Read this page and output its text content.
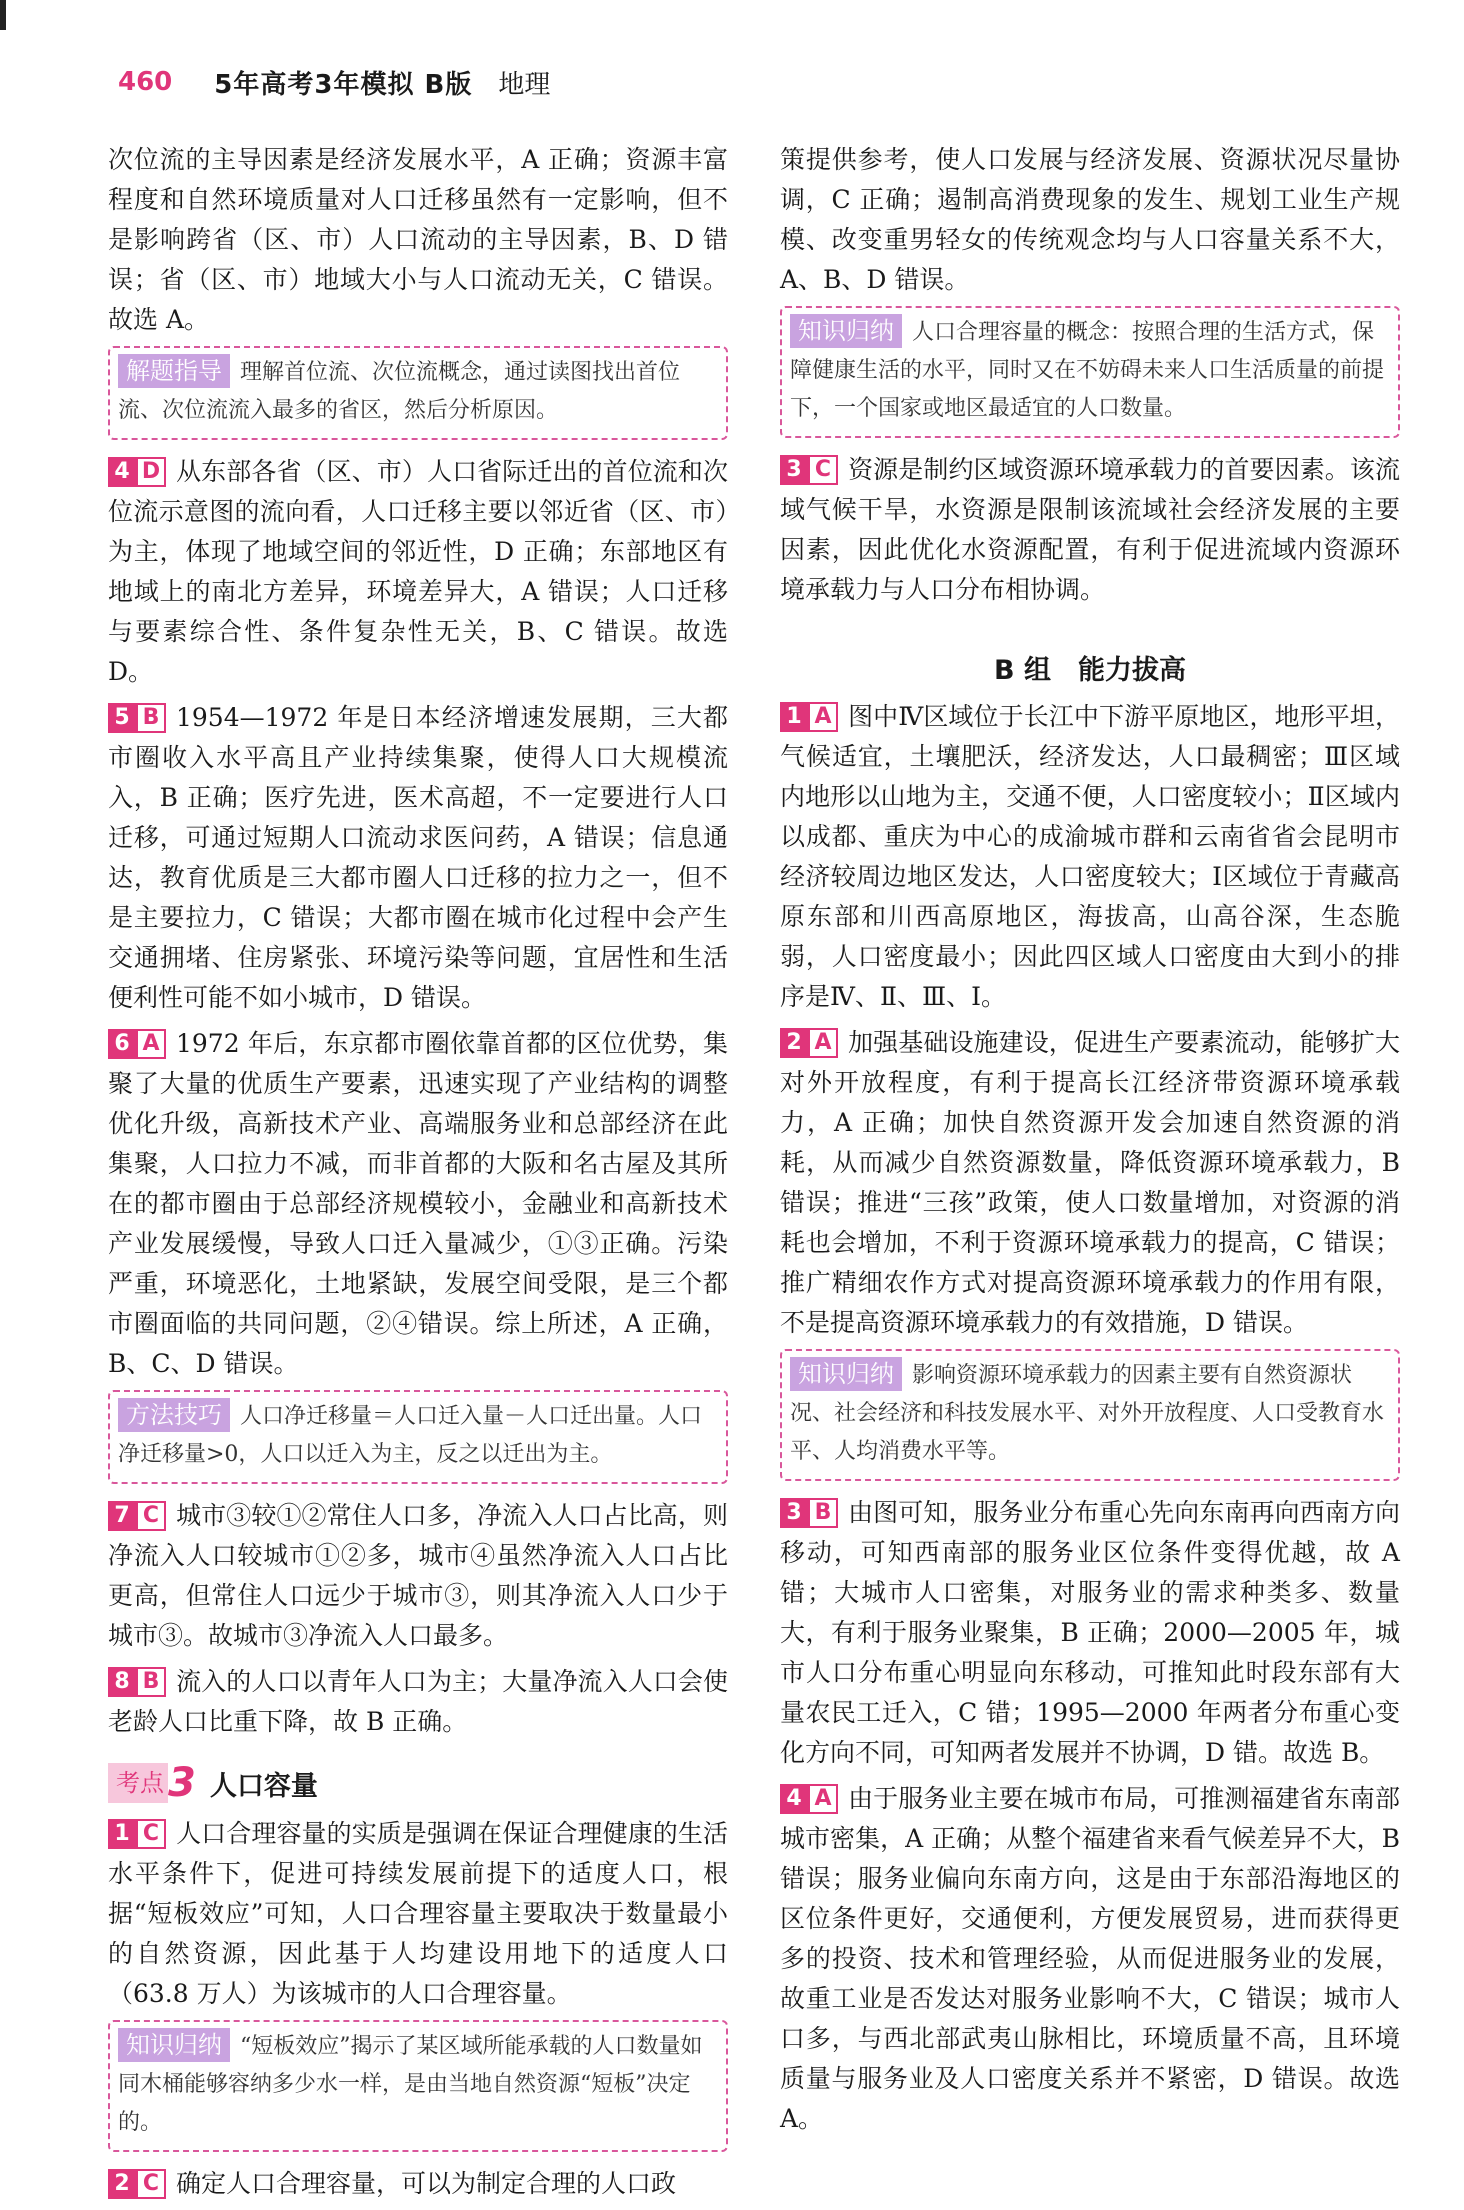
460 5年高考3年模拟 B版 地理

次位流的主导因素是经济发展水平，A 正确；资源丰富程度和自然环境质量对人口迁移虽然有一定影响，但不是影响跨省（区、市）人口流动的主导因素，B、D 错误；省（区、市）地域大小与人口流动无关，C 错误。故选 A。

解题指导 理解首位流、次位流概念，通过读图找出首位流、次位流流入最多的省区，然后分析原因。

4 D 从东部各省（区、市）人口省际迁出的首位流和次位流示意图的流向看，人口迁移主要以邻近省（区、市）为主，体现了地域空间的邻近性，D 正确；东部地区有地域上的南北方差异，环境差异大，A 错误；人口迁移与要素综合性、条件复杂性无关，B、C 错误。故选 D。

5 B 1954—1972 年是日本经济增速发展期，三大都市圈收入水平高且产业持续集聚，使得人口大规模流入，B 正确；医疗先进，医术高超，不一定要进行人口迁移，可通过短期人口流动求医问药，A 错误；信息通达，教育优质是三大都市圈人口迁移的拉力之一，但不是主要拉力，C 错误；大都市圈在城市化过程中会产生交通拥堵、住房紧张、环境污染等问题，宜居性和生活便利性可能不如小城市，D 错误。

6 A 1972 年后，东京都市圈依靠首都的区位优势，集聚了大量的优质生产要素，迅速实现了产业结构的调整优化升级，高新技术产业、高端服务业和总部经济在此集聚，人口拉力不减，而非首都的大阪和名古屋及其所在的都市圈由于总部经济规模较小，金融业和高新技术产业发展缓慢，导致人口迁入量减少，①③正确。污染严重，环境恶化，土地紧缺，发展空间受限，是三个都市圈面临的共同问题，②④错误。综上所述，A 正确，B、C、D 错误。

方法技巧 人口净迁移量＝人口迁入量－人口迁出量。人口净迁移量>0，人口以迁入为主，反之以迁出为主。

7 C 城市③较①②常住人口多，净流入人口占比高，则净流入人口较城市①②多，城市④虽然净流入人口占比更高，但常住人口远少于城市③，则其净流入人口少于城市③。故城市③净流入人口最多。

8 B 流入的人口以青年人口为主；大量净流入人口会使老龄人口比重下降，故 B 正确。

考点 3 人口容量

1 C 人口合理容量的实质是强调在保证合理健康的生活水平条件下，促进可持续发展前提下的适度人口，根据“短板效应”可知，人口合理容量主要取决于数量最小的自然资源，因此基于人均建设用地下的适度人口（63.8 万人）为该城市的人口合理容量。

知识归纳 “短板效应”揭示了某区域所能承载的人口数量如同木桶能够容纳多少水一样，是由当地自然资源“短板”决定的。

2 C 确定人口合理容量，可以为制定合理的人口政

策提供参考，使人口发展与经济发展、资源状况尽量协调，C 正确；遏制高消费现象的发生、规划工业生产规模、改变重男轻女的传统观念均与人口容量关系不大，A、B、D 错误。

知识归纳 人口合理容量的概念：按照合理的生活方式，保障健康生活的水平，同时又在不妨碍未来人口生活质量的前提下，一个国家或地区最适宜的人口数量。

3 C 资源是制约区域资源环境承载力的首要因素。该流域气候干旱，水资源是限制该流域社会经济发展的主要因素，因此优化水资源配置，有利于促进流域内资源环境承载力与人口分布相协调。

B 组　能力拔高

1 A 图中Ⅳ区域位于长江中下游平原地区，地形平坦，气候适宜，土壤肥沃，经济发达，人口最稠密；Ⅲ区域内地形以山地为主，交通不便，人口密度较小；Ⅱ区域内以成都、重庆为中心的成渝城市群和云南省省会昆明市经济较周边地区发达，人口密度较大；Ⅰ区域位于青藏高原东部和川西高原地区，海拔高，山高谷深，生态脆弱，人口密度最小；因此四区域人口密度由大到小的排序是Ⅳ、Ⅱ、Ⅲ、Ⅰ。

2 A 加强基础设施建设，促进生产要素流动，能够扩大对外开放程度，有利于提高长江经济带资源环境承载力，A 正确；加快自然资源开发会加速自然资源的消耗，从而减少自然资源数量，降低资源环境承载力，B 错误；推进“三孩”政策，使人口数量增加，对资源的消耗也会增加，不利于资源环境承载力的提高，C 错误；推广精细农作方式对提高资源环境承载力的作用有限，不是提高资源环境承载力的有效措施，D 错误。

知识归纳 影响资源环境承载力的因素主要有自然资源状况、社会经济和科技发展水平、对外开放程度、人口受教育水平、人均消费水平等。

3 B 由图可知，服务业分布重心先向东南再向西南方向移动，可知西南部的服务业区位条件变得优越，故 A 错；大城市人口密集，对服务业的需求种类多、数量大，有利于服务业聚集，B 正确；2000—2005 年，城市人口分布重心明显向东移动，可推知此时段东部有大量农民工迁入，C 错；1995—2000 年两者分布重心变化方向不同，可知两者发展并不协调，D 错。故选 B。

4 A 由于服务业主要在城市布局，可推测福建省东南部城市密集，A 正确；从整个福建省来看气候差异不大，B 错误；服务业偏向东南方向，这是由于东部沿海地区的区位条件更好，交通便利，方便发展贸易，进而获得更多的投资、技术和管理经验，从而促进服务业的发展，故重工业是否发达对服务业影响不大，C 错误；城市人口多，与西北部武夷山脉相比，环境质量不高，且环境质量与服务业及人口密度关系并不紧密，D 错误。故选 A。
